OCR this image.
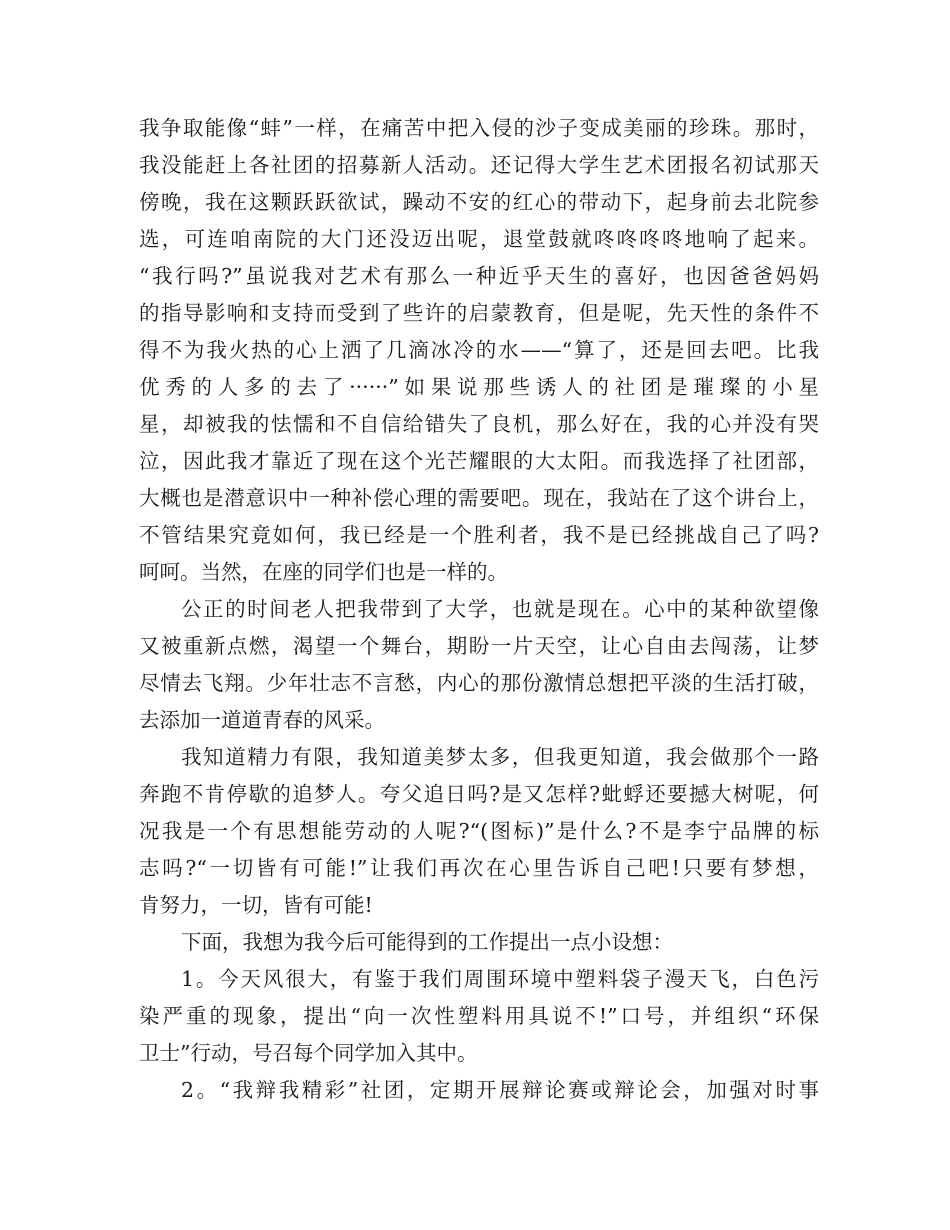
我争取能像“蚌”一样，在痛苦中把入侵的沙子变成美丽的珍珠。那时，
我没能赶上各社团的招募新人活动。还记得大学生艺术团报名初试那天
傍晚，我在这颗跃跃欲试，躁动不安的红心的带动下，起身前去北院参
选，可连咱南院的大门还没迈出呢，退堂鼓就咚咚咚咚地响了起来。
“我行吗?”虽说我对艺术有那么一种近乎天生的喜好，也因爸爸妈妈
的指导影响和支持而受到了些许的启蒙教育，但是呢，先天性的条件不
得不为我火热的心上洒了几滴冰冷的水——“算了，还是回去吧。比我
优秀的人多的去了······”如果说那些诱人的社团是璀璨的小星
星，却被我的怯懦和不自信给错失了良机，那么好在，我的心并没有哭
泣，因此我才靠近了现在这个光芒耀眼的大太阳。而我选择了社团部，
大概也是潜意识中一种补偿心理的需要吧。现在，我站在了这个讲台上，
不管结果究竟如何，我已经是一个胜利者，我不是已经挑战自己了吗?
呵呵。当然，在座的同学们也是一样的。
公正的时间老人把我带到了大学，也就是现在。心中的某种欲望像
又被重新点燃，渴望一个舞台，期盼一片天空，让心自由去闯荡，让梦
尽情去飞翔。少年壮志不言愁，内心的那份激情总想把平淡的生活打破，
去添加一道道青春的风采。
我知道精力有限，我知道美梦太多，但我更知道，我会做那个一路
奔跑不肯停歇的追梦人。夸父追日吗?是又怎样?蚍蜉还要撼大树呢，何
况我是一个有思想能劳动的人呢?“(图标)”是什么?不是李宁品牌的标
志吗?“一切皆有可能!”让我们再次在心里告诉自己吧!只要有梦想，
肯努力，一切，皆有可能!
下面，我想为我今后可能得到的工作提出一点小设想：
1。今天风很大，有鉴于我们周围环境中塑料袋子漫天飞，白色污
染严重的现象，提出“向一次性塑料用具说不!”口号，并组织“环保
卫士”行动，号召每个同学加入其中。
2。“我辩我精彩”社团，定期开展辩论赛或辩论会，加强对时事
